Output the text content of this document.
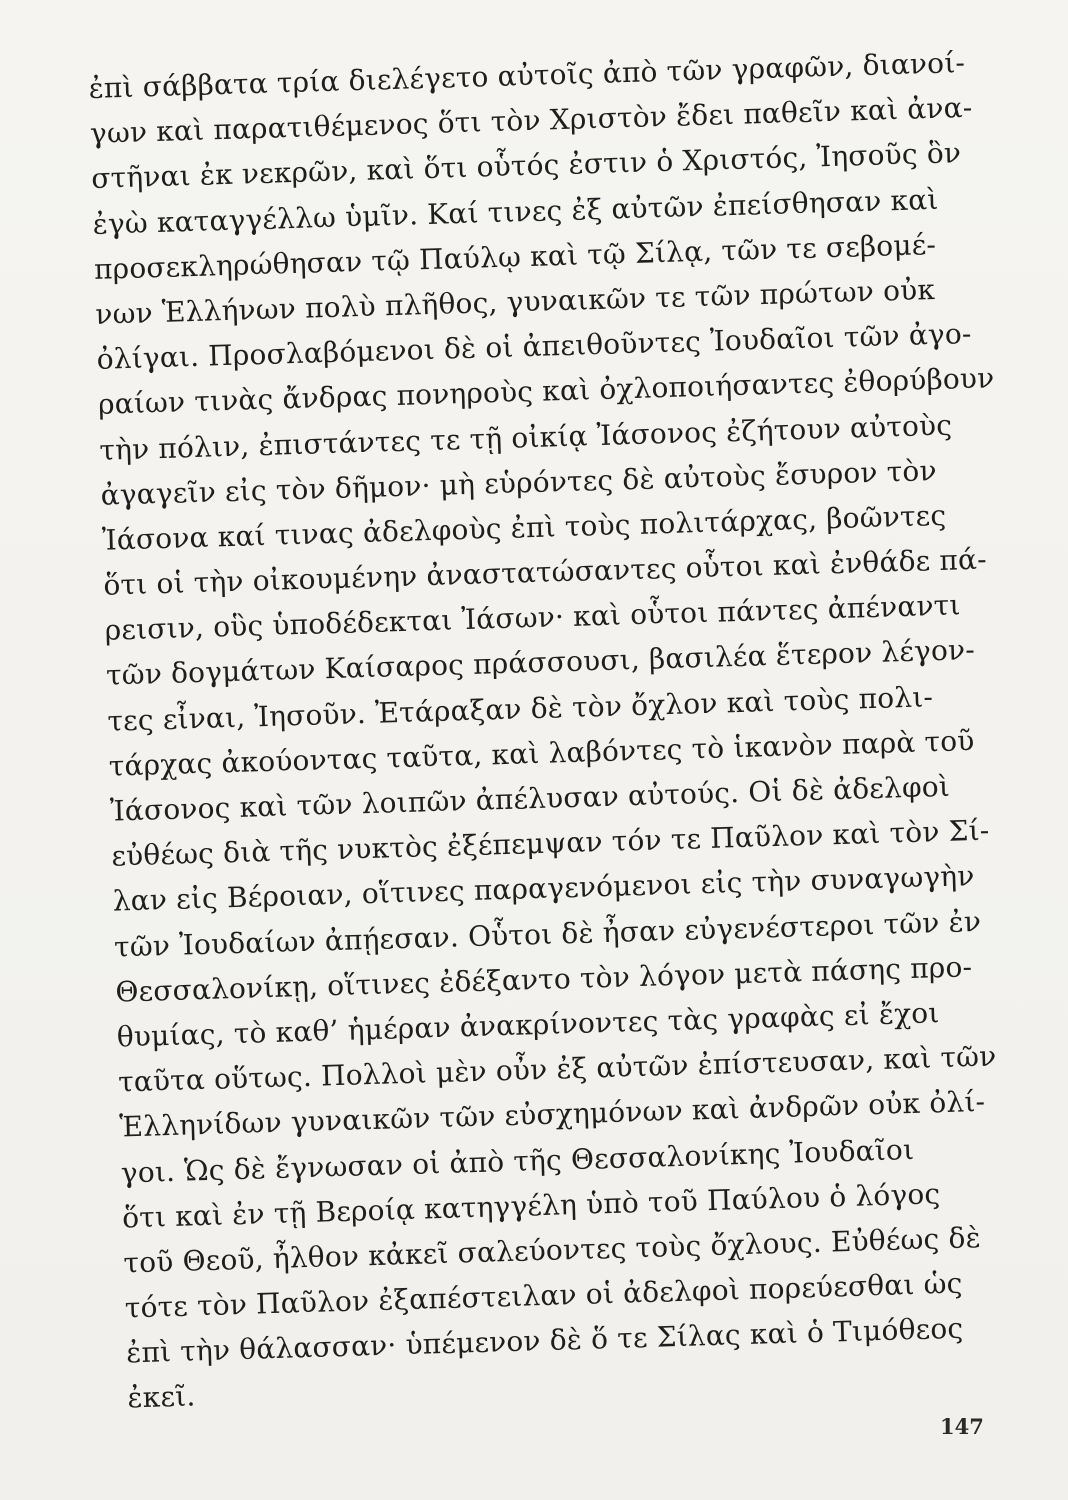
ἐπὶ σάββατα τρία διελέγετο αὐτοῖς ἀπὸ τῶν γραφῶν, διανοί-
γων καὶ παρατιθέμενος ὅτι τὸν Χριστὸν ἔδει παθεῖν καὶ ἀνα-
στῆναι ἐκ νεκρῶν, καὶ ὅτι οὗτός ἐστιν ὁ Χριστός, Ἰησοῦς ὃν
ἐγὼ καταγγέλλω ὑμῖν. Καί τινες ἐξ αὐτῶν ἐπείσθησαν καὶ
προσεκληρώθησαν τῷ Παύλῳ καὶ τῷ Σίλᾳ, τῶν τε σεβομέ-
νων Ἑλλήνων πολὺ πλῆθος, γυναικῶν τε τῶν πρώτων οὐκ
ὀλίγαι. Προσλαβόμενοι δὲ οἱ ἀπειθοῦντες Ἰουδαῖοι τῶν ἀγο-
ραίων τινὰς ἄνδρας πονηροὺς καὶ ὀχλοποιήσαντες ἐθορύβουν
τὴν πόλιν, ἐπιστάντες τε τῇ οἰκίᾳ Ἰάσονος ἐζήτουν αὐτοὺς
ἀγαγεῖν εἰς τὸν δῆμον· μὴ εὑρόντες δὲ αὐτοὺς ἔσυρον τὸν
Ἰάσονα καί τινας ἀδελφοὺς ἐπὶ τοὺς πολιτάρχας, βοῶντες
ὅτι οἱ τὴν οἰκουμένην ἀναστατώσαντες οὗτοι καὶ ἐνθάδε πά-
ρεισιν, οὓς ὑποδέδεκται Ἰάσων· καὶ οὗτοι πάντες ἀπέναντι
τῶν δογμάτων Καίσαρος πράσσουσι, βασιλέα ἕτερον λέγον-
τες εἶναι, Ἰησοῦν. Ἐτάραξαν δὲ τὸν ὄχλον καὶ τοὺς πολι-
τάρχας ἀκούοντας ταῦτα, καὶ λαβόντες τὸ ἱκανὸν παρὰ τοῦ
Ἰάσονος καὶ τῶν λοιπῶν ἀπέλυσαν αὐτούς. Οἱ δὲ ἀδελφοὶ
εὐθέως διὰ τῆς νυκτὸς ἐξέπεμψαν τόν τε Παῦλον καὶ τὸν Σί-
λαν εἰς Βέροιαν, οἵτινες παραγενόμενοι εἰς τὴν συναγωγὴν
τῶν Ἰουδαίων ἀπῄεσαν. Οὗτοι δὲ ἦσαν εὐγενέστεροι τῶν ἐν
Θεσσαλονίκῃ, οἵτινες ἐδέξαντο τὸν λόγον μετὰ πάσης προ-
θυμίας, τὸ καθ’ ἡμέραν ἀνακρίνοντες τὰς γραφὰς εἰ ἔχοι
ταῦτα οὕτως. Πολλοὶ μὲν οὖν ἐξ αὐτῶν ἐπίστευσαν, καὶ τῶν
Ἑλληνίδων γυναικῶν τῶν εὐσχημόνων καὶ ἀνδρῶν οὐκ ὀλί-
γοι. Ὡς δὲ ἔγνωσαν οἱ ἀπὸ τῆς Θεσσαλονίκης Ἰουδαῖοι
ὅτι καὶ ἐν τῇ Βεροίᾳ κατηγγέλη ὑπὸ τοῦ Παύλου ὁ λόγος
τοῦ Θεοῦ, ἦλθον κἀκεῖ σαλεύοντες τοὺς ὄχλους. Εὐθέως δὲ
τότε τὸν Παῦλον ἐξαπέστειλαν οἱ ἀδελφοὶ πορεύεσθαι ὡς
ἐπὶ τὴν θάλασσαν· ὑπέμενον δὲ ὅ τε Σίλας καὶ ὁ Τιμόθεος
ἐκεῖ.
147
